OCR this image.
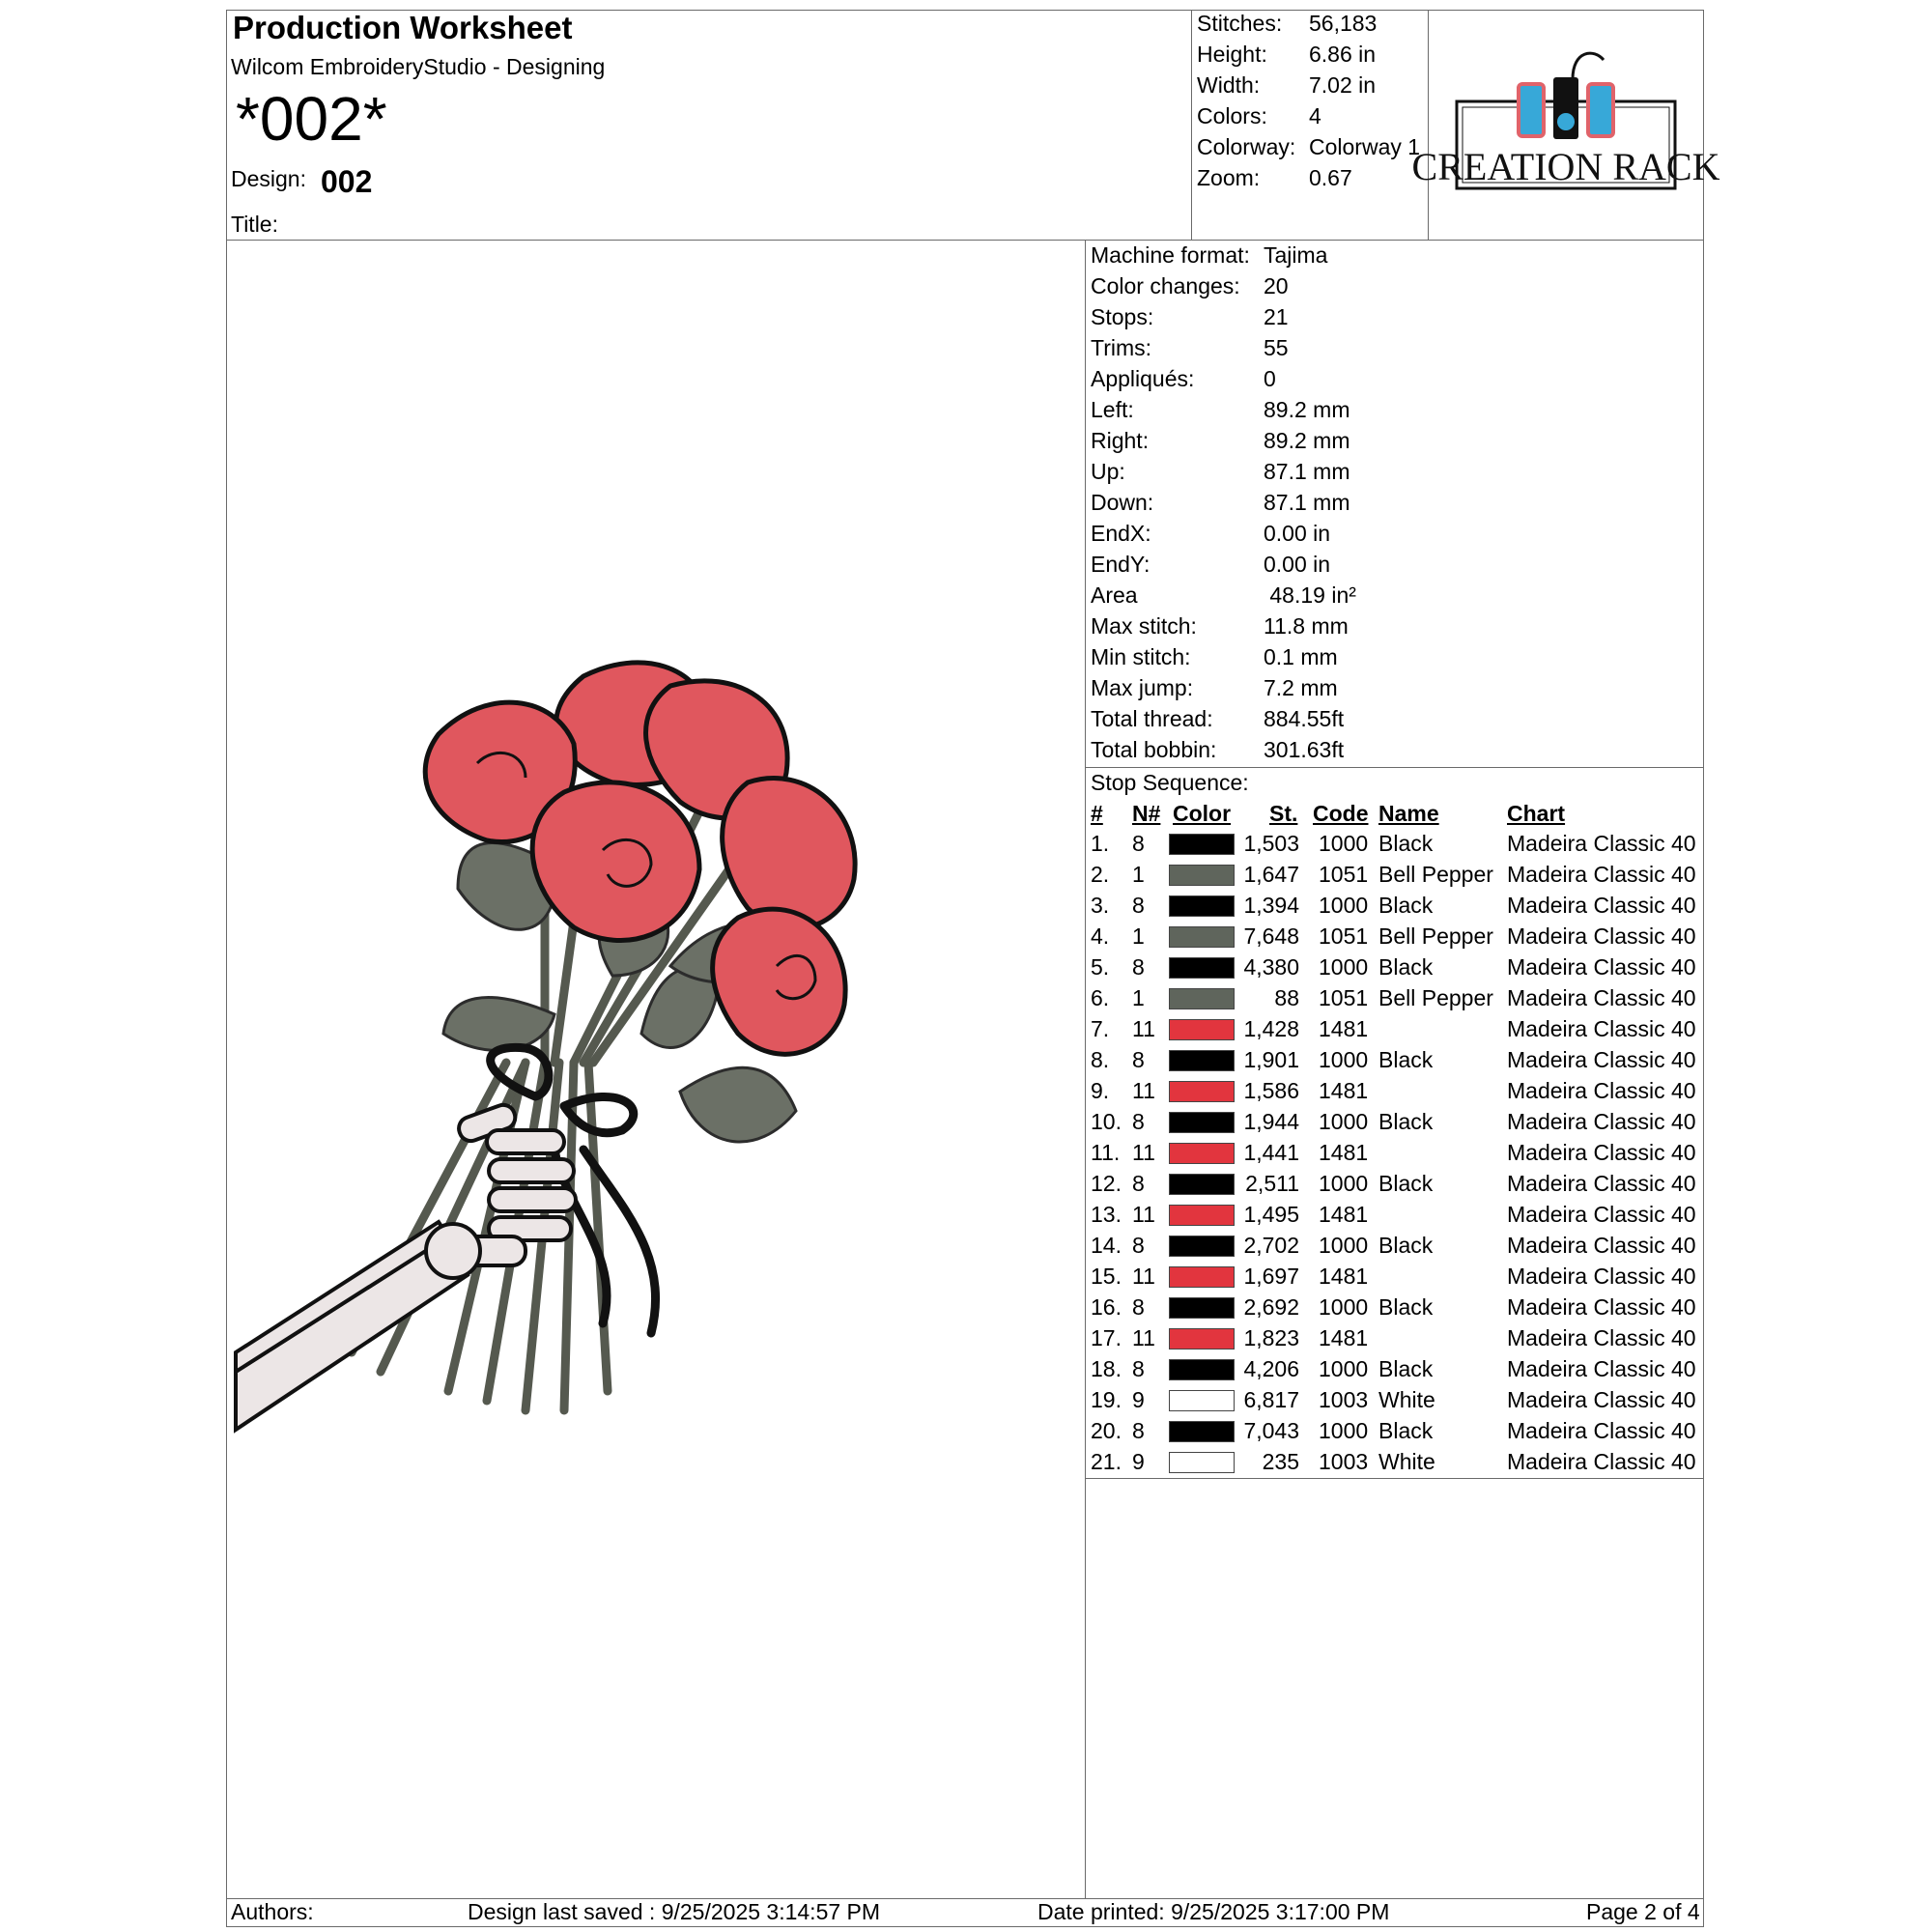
Production Worksheet
Wilcom EmbroideryStudio - Designing
*002*
Design: 002
Title:
Stitches: 56,183
Height: 6.86 in
Width: 7.02 in
Colors: 4
Colorway: Colorway 1
Zoom: 0.67 CREATION RACK
Machine format: Tajima
Color changes: 20
Stops:	21
Trims:	55
Appliqués:	0
Left:	89.2 mm
Right:	89.2 mm
Up:	87.1 mm
Down:	87.1 mm
EndX:	0.00 in
EndY:	0.00 in
Area	48.19 in²
Max stitch:	11.8 mm
Min stitch:	0.1 mm
Max jump:	7.2 mm
Total thread: 884.55ft
Total bobbin: 301.63ft
Stop Sequence:
# N# Color St. Code Name	Chart
1. 8	1,503 1000 Black	Madeira Classic 40
2. 1	1,647 1051 Bell Pepper Madeira Classic 40
3. 8	1,394 1000 Black	Madeira Classic 40
4. 1	7,648 1051 Bell Pepper Madeira Classic 40
5. 8	4,380 1000 Black	Madeira Classic 40
6. 1	88 1051 Bell Pepper Madeira Classic 40
7. 11	1,428 1481	Madeira Classic 40
8. 8	1,901 1000 Black	Madeira Classic 40
9. 11	1,586 1481	Madeira Classic 40
10. 8	1,944 1000 Black	Madeira Classic 40
11. 11	1,441 1481	Madeira Classic 40
12. 8	2,511 1000 Black	Madeira Classic 40
13. 11	1,495 1481	Madeira Classic 40
14. 8	2,702 1000 Black	Madeira Classic 40
15. 11	1,697 1481	Madeira Classic 40
16. 8	2,692 1000 Black	Madeira Classic 40
17. 11	1,823 1481	Madeira Classic 40
18. 8	4,206 1000 Black	Madeira Classic 40
19. 9	6,817 1003 White	Madeira Classic 40
20. 8	7,043 1000 Black	Madeira Classic 40
21. 9	235 1003 White	Madeira Classic 40
Authors:	Design last saved : 9/25/2025 3:14:57 PM	Date printed: 9/25/2025 3:17:00 PM	Page 2 of 4
